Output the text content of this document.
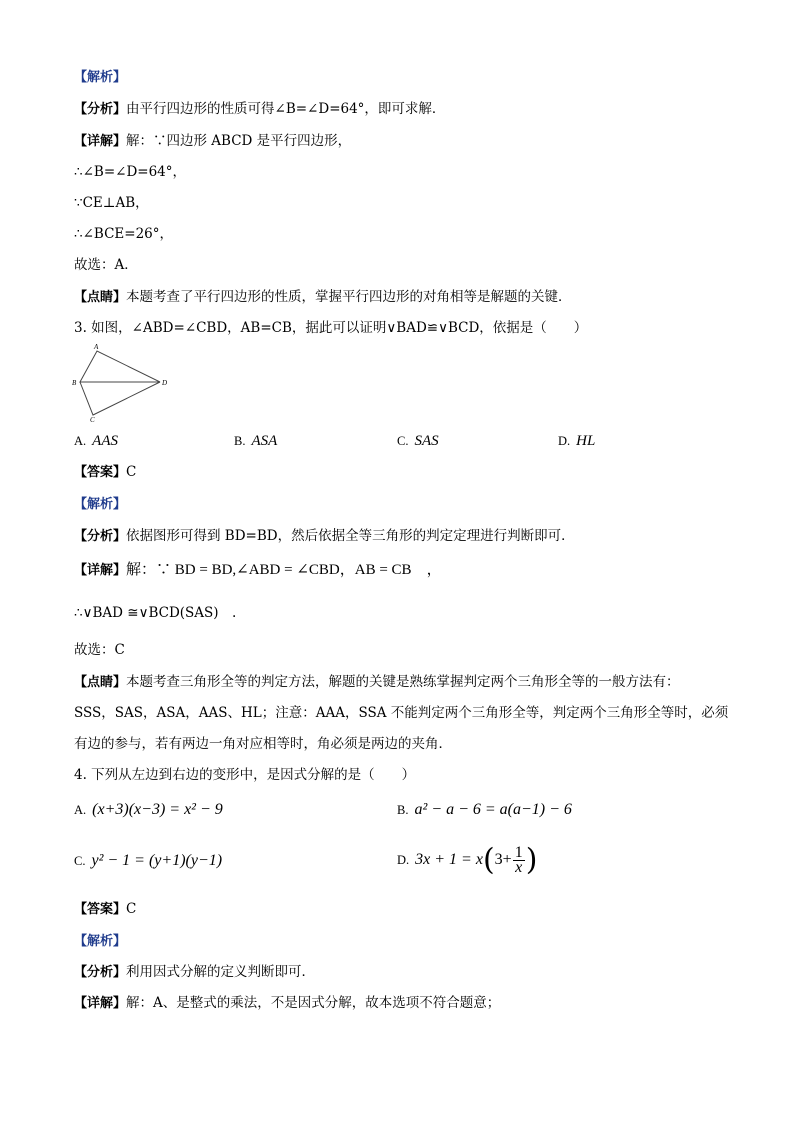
【解析】
【分析】由平行四边形的性质可得∠B=∠D=64°，即可求解．
【详解】解：∵四边形 ABCD 是平行四边形，
∴∠B=∠D=64°，
∵CE⊥AB，
∴∠BCE=26°，
故选：A．
【点睛】本题考查了平行四边形的性质，掌握平行四边形的对角相等是解题的关键．
3. 如图，∠ABD=∠CBD，AB=CB，据此可以证明∨BAD≌∨BCD，依据是（　　）
A
B
C
D
A. AAS	B. ASA	C. SAS	D. HL
【答案】C
【解析】
【分析】依据图形可得到 BD=BD，然后依据全等三角形的判定定理进行判断即可．
【详解】解：∵ BD = BD,∠ABD = ∠CBD，AB = CB　，
∴∨BAD ≅∨BCD(SAS)　.
故选：C
【点睛】本题考查三角形全等的判定方法，解题的关键是熟练掌握判定两个三角形全等的一般方法有：
SSS，SAS，ASA，AAS、HL；注意：AAA，SSA 不能判定两个三角形全等，判定两个三角形全等时，必须
有边的参与，若有两边一角对应相等时，角必须是两边的夹角．
4. 下列从左边到右边的变形中，是因式分解的是（　　）
A. (x+3)(x−3) = x² − 9	B. a² − a − 6 = a(a−1) − 6
C. y² − 1 = (y+1)(y−1)	D. $3x + 1 = x(3+ \frac{1}{x}$ )
【答案】C
【解析】
【分析】利用因式分解的定义判断即可．
【详解】解：A、是整式的乘法，不是因式分解，故本选项不符合题意；
